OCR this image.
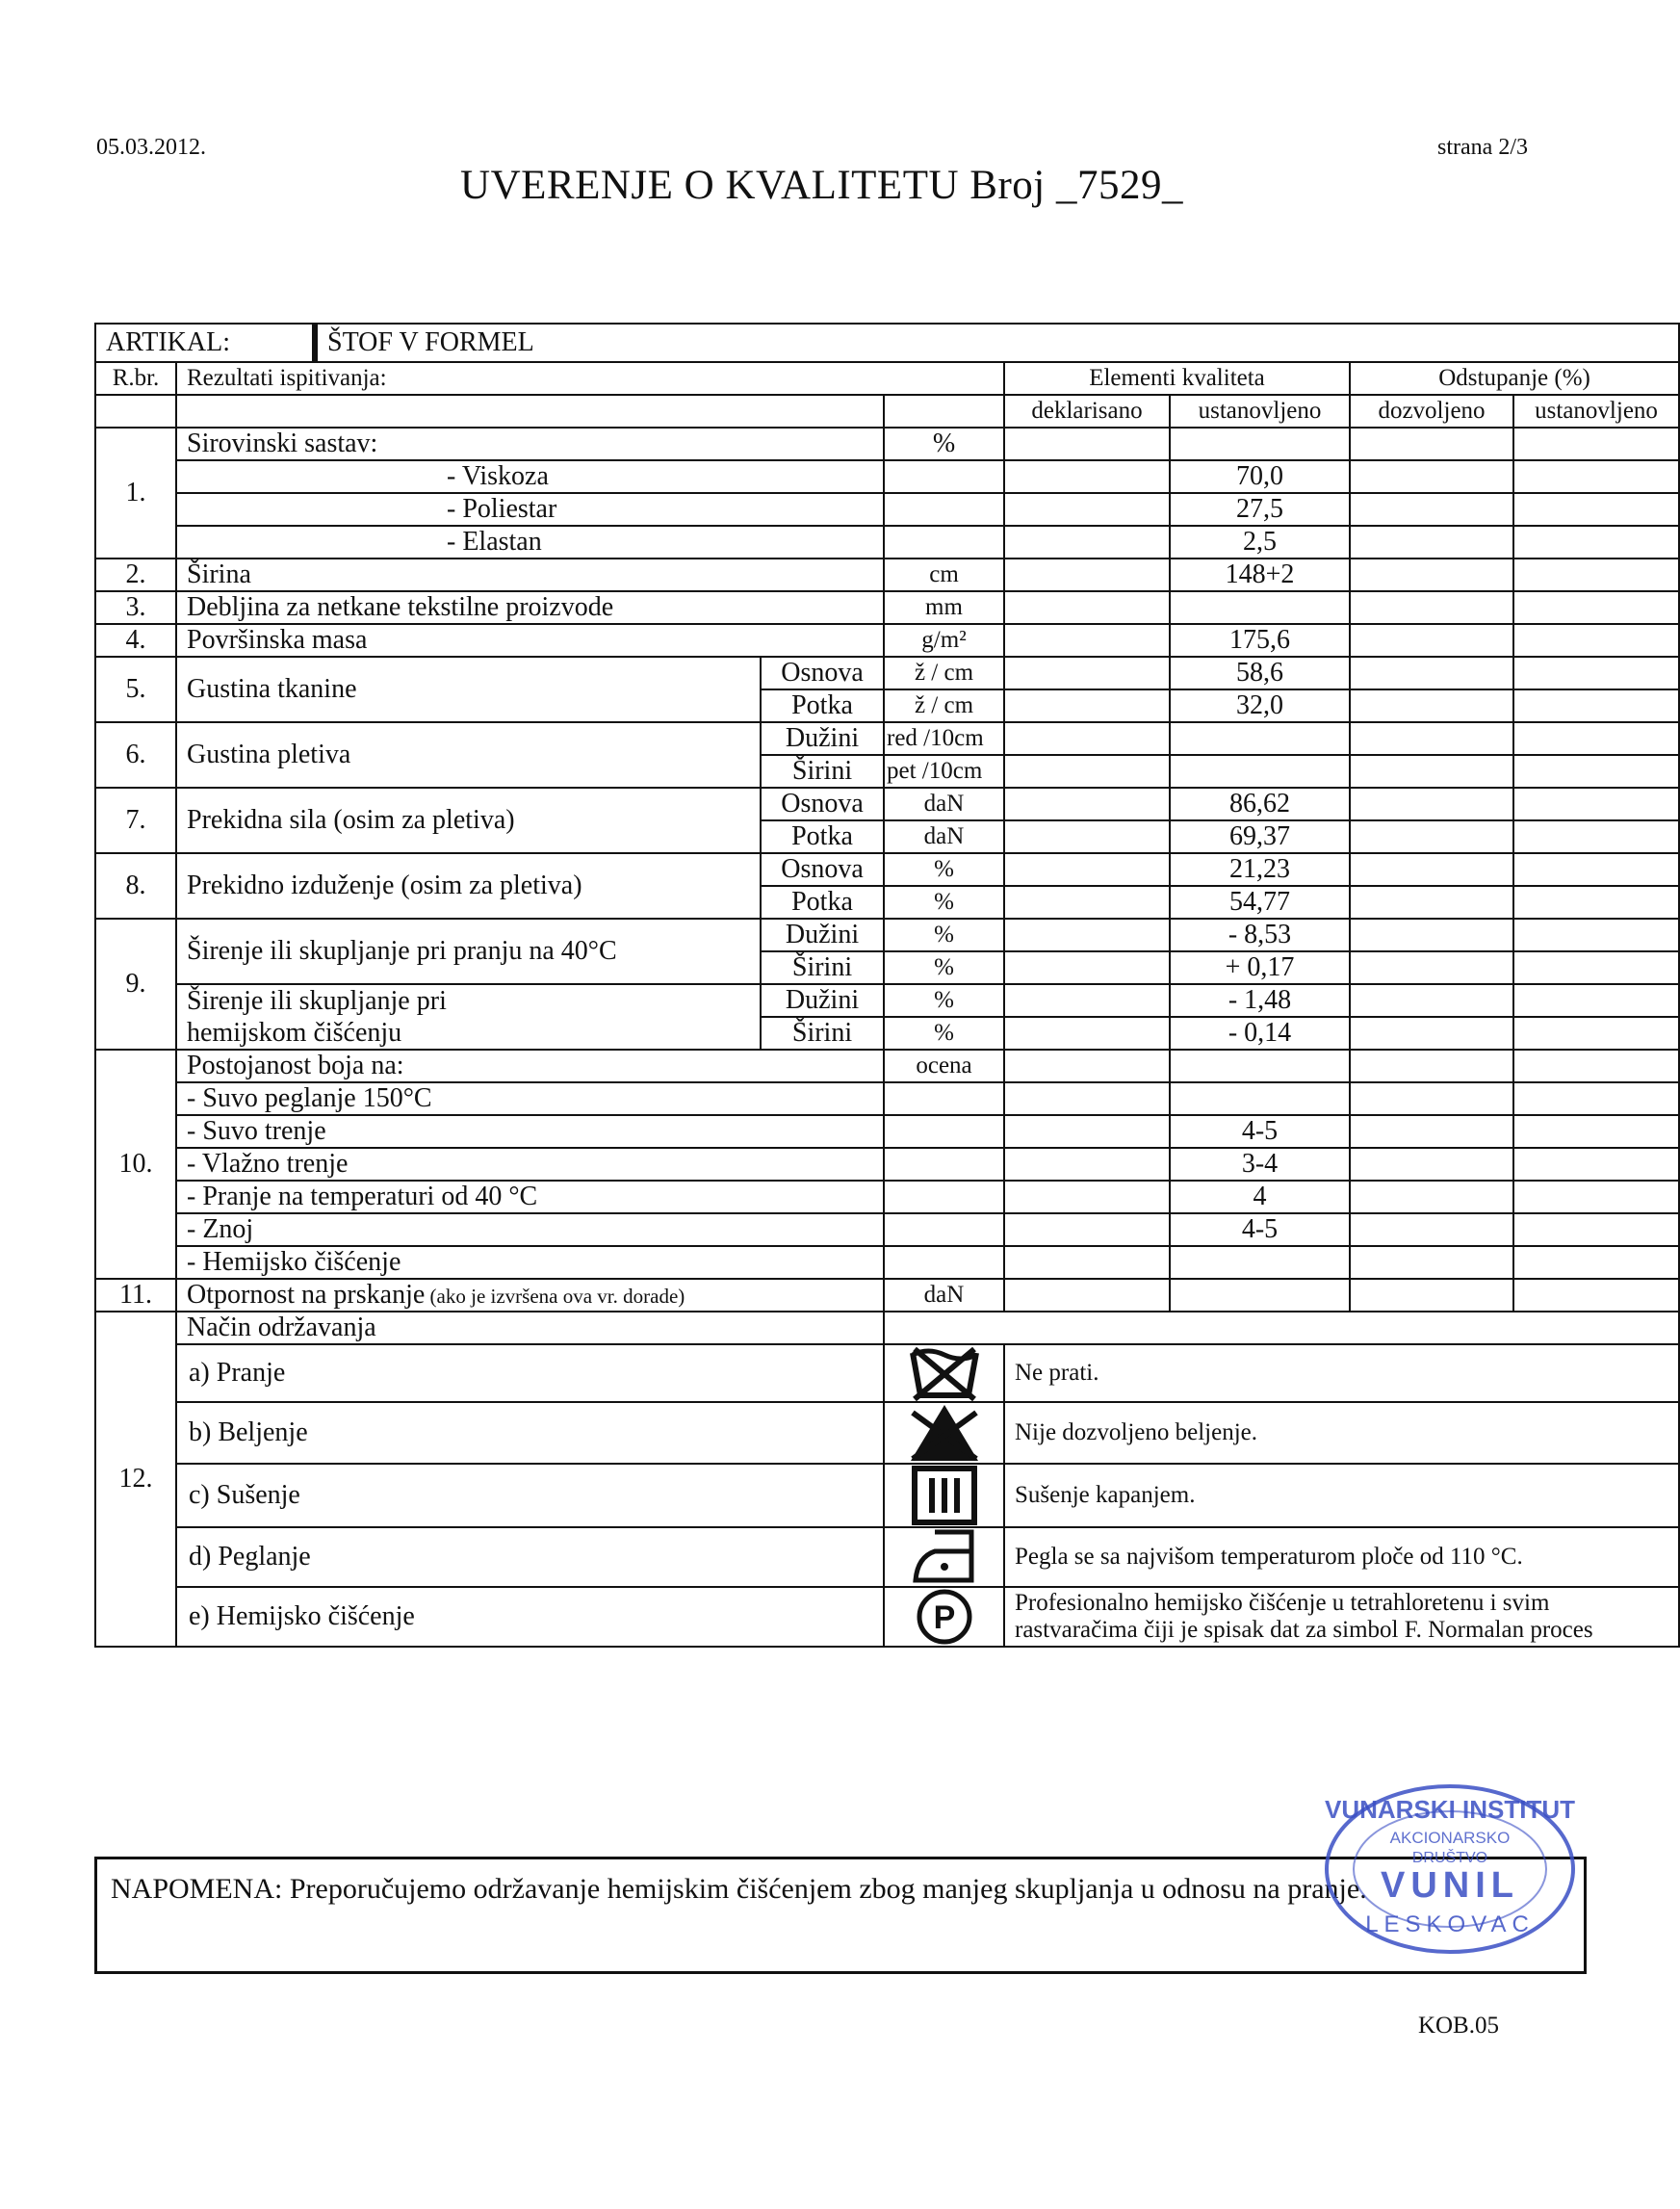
05.03.2012.	strana 2/3
UVERENJE O KVALITETU Broj _7529_
ARTIKAL:		ŠTOF V FORMEL						
R.br.	Rezultati ispitivanja:				Elementi kvaliteta		Odstupanje (%)	
					deklarisano	ustanovljeno	dozvoljeno	ustanovljeno
1.	Sirovinski sastav:			%				
	- Viskoza					70,0		
	- Poliestar					27,5		
	- Elastan					2,5		
2.	Širina			cm		148+2		
3.	Debljina za netkane tekstilne proizvode			mm				
4.	Površinska masa			g/m²		175,6		
5.	Gustina tkanine		Osnova	ž / cm		58,6		
			Potka	ž / cm		32,0		
6.	Gustina pletiva		Dužini	red /10cm				
			Širini	pet /10cm				
7.	Prekidna sila (osim za pletiva)		Osnova	daN		86,62		
			Potka	daN		69,37		
8.	Prekidno izduženje (osim za pletiva)		Osnova	%		21,23		
			Potka	%		54,77		
9.	Širenje ili skupljanje pri pranju na 40°C		Dužini	%		- 8,53		
			Širini	%		+ 0,17		
	Širenje ili skupljanje pri		Dužini	%		- 1,48		
	hemijskom čišćenju		Širini	%		- 0,14		
10.	Postojanost boja na:			ocena				
	- Suvo peglanje 150°C							
	- Suvo trenje					4-5		
	- Vlažno trenje					3-4		
	- Pranje na temperaturi od 40 °C					4		
	- Znoj					4-5		
	- Hemijsko čišćenje							
11.	Otpornost na prskanje (ako je izvršena ova vr. dorade)			daN				
12.	Način održavanja							
	a) Pranje				Ne prati.			
	b) Beljenje				Nije dozvoljeno beljenje.			
	c) Sušenje				Sušenje kapanjem.			
	d) Peglanje				Pegla se sa najvišom temperaturom ploče od 110 °C.			
	e) Hemijsko čišćenje			P	Profesionalno hemijsko čišćenje u tetrahloretenu i svim
rastvaračima čiji je spisak dat za simbol F. Normalan proces			
NAPOMENA: Preporučujemo održavanje hemijskim čišćenjem zbog manjeg skupljanja u odnosu na pranje.
VUNARSKI INSTITUT
AKCIONARSKO
DRUŠTVO
VUNIL
LESKOVAC
KOB.05
